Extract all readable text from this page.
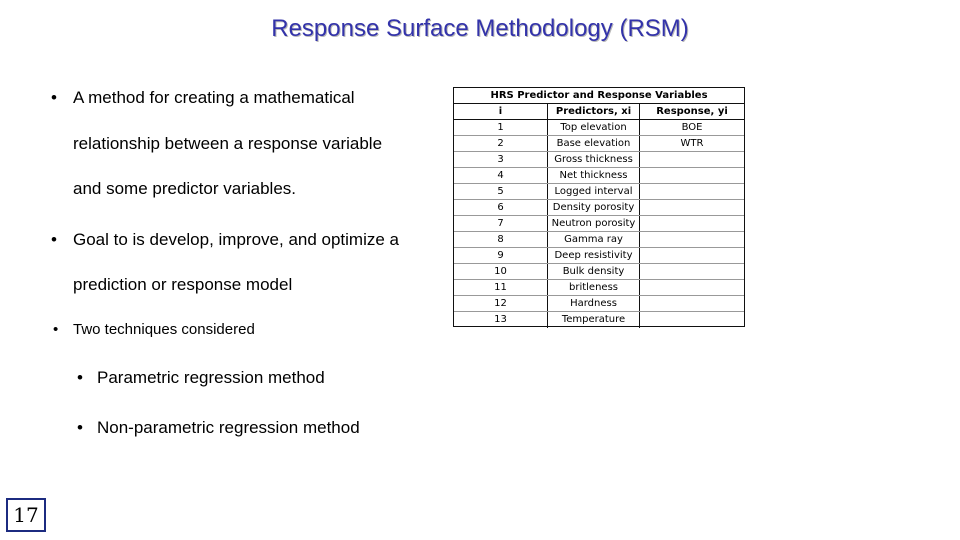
Response Surface Methodology (RSM)
• A method for creating a mathematical
relationship between a response variable
and some predictor variables.
• Goal to is develop, improve, and optimize a
prediction or response model
• Two techniques considered
• Parametric regression method
• Non-parametric regression method
HRS Predictor and Response Variables
i	Predictors, xi	Response, yi
1	Top elevation	BOE
2	Base elevation	WTR
3	Gross thickness
4	Net thickness
5	Logged interval
6	Density porosity
7	Neutron porosity
8	Gamma ray
9	Deep resistivity
10	Bulk density
11	britleness
12	Hardness
13	Temperature
17
